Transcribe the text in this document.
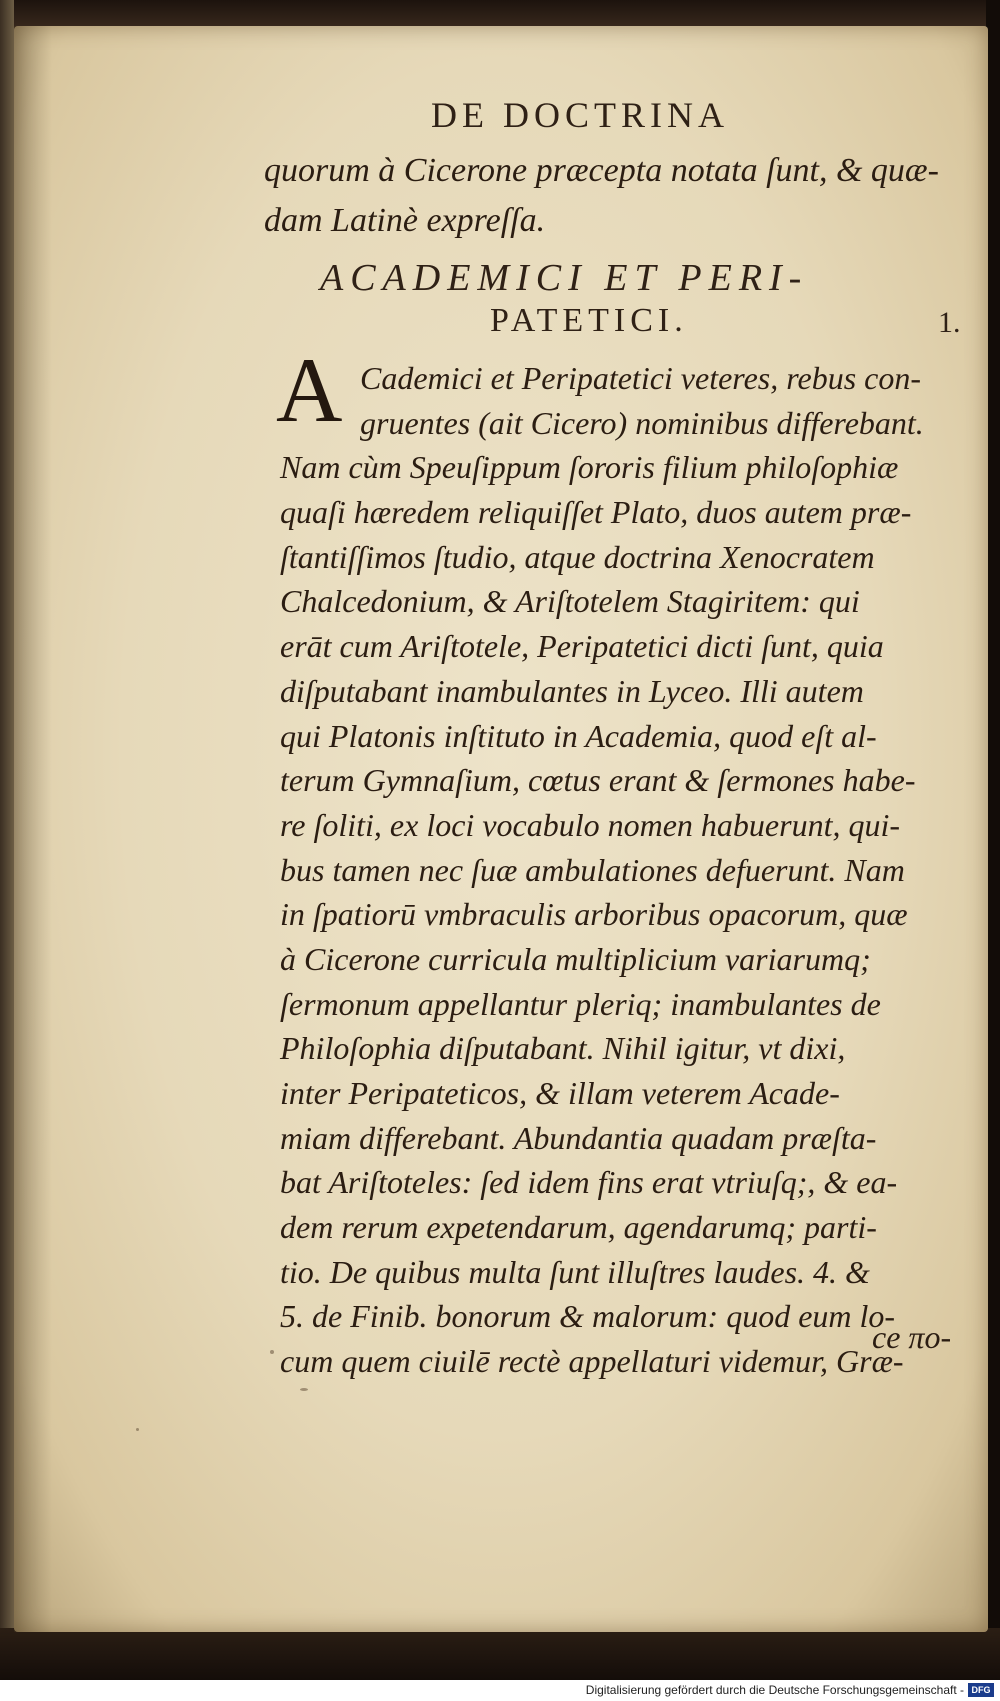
DE DOCTRINA
quorum à Cicerone præcepta notata ſunt, & quæ-
dam Latinè expreſſa.
ACADEMICI ET PERI-
PATETICI.	1.
A Cademici et Peripatetici veteres, rebus con-
gruentes (ait Cicero) nominibus differebant.
Nam cùm Speuſippum ſororis filium philoſophiæ
quaſi hæredem reliquiſſet Plato, duos autem præ-
ſtantiſſimos ſtudio, atque doctrina Xenocratem
Chalcedonium, & Ariſtotelem Stagiritem: qui
erāt cum Ariſtotele, Peripatetici dicti ſunt, quia
diſputabant inambulantes in Lyceo. Illi autem
qui Platonis inſtituto in Academia, quod eſt al-
terum Gymnaſium, cœtus erant & ſermones habe-
re ſoliti, ex loci vocabulo nomen habuerunt, qui-
bus tamen nec ſuæ ambulationes defuerunt. Nam
in ſpatiorū vmbraculis arboribus opacorum, quæ
à Cicerone curricula multiplicium variarumq;
ſermonum appellantur pleriq; inambulantes de
Philoſophia diſputabant. Nihil igitur, vt dixi,
inter Peripateticos, & illam veterem Acade-
miam differebant. Abundantia quadam præſta-
bat Ariſtoteles: ſed idem fins erat vtriuſq;, & ea-
dem rerum expetendarum, agendarumq; parti-
tio. De quibus multa ſunt illuſtres laudes. 4. &
5. de Finib. bonorum & malorum: quod eum lo-
cum quem ciuilē rectè appellaturi videmur, Græ-
ce πo-
Digitalisierung gefördert durch die Deutsche Forschungsgemeinschaft - DFG
